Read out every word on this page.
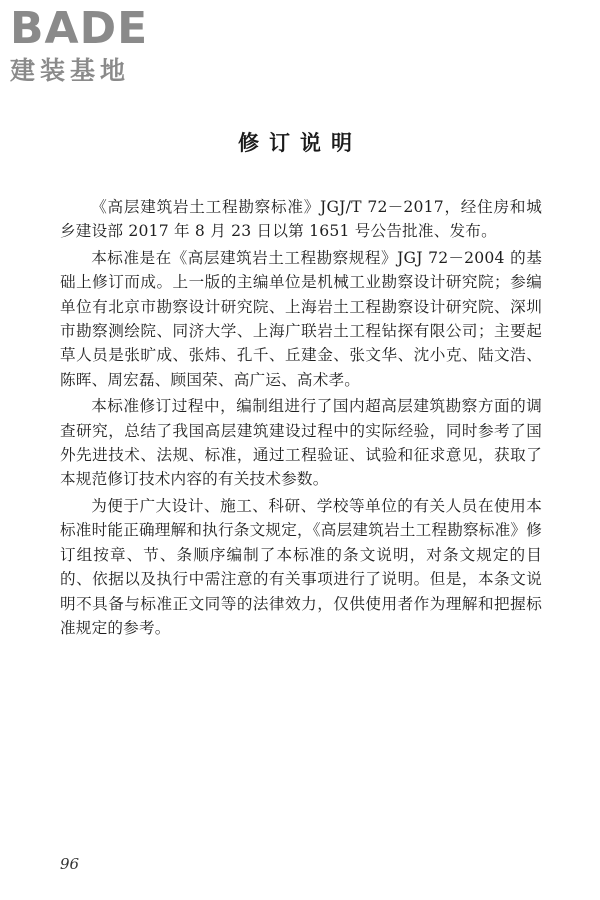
BADE
建装基地
修订说明

《高层建筑岩土工程勘察标准》JGJ/T 72－2017，经住房和城乡建设部 2017 年 8 月 23 日以第 1651 号公告批准、发布。

本标准是在《高层建筑岩土工程勘察规程》JGJ 72－2004 的基础上修订而成。上一版的主编单位是机械工业勘察设计研究院；参编单位有北京市勘察设计研究院、上海岩土工程勘察设计研究院、深圳市勘察测绘院、同济大学、上海广联岩土工程钻探有限公司；主要起草人员是张旷成、张炜、孔千、丘建金、张文华、沈小克、陆文浩、陈晖、周宏磊、顾国荣、高广运、高术孝。

本标准修订过程中，编制组进行了国内超高层建筑勘察方面的调查研究，总结了我国高层建筑建设过程中的实际经验，同时参考了国外先进技术、法规、标准，通过工程验证、试验和征求意见，获取了本规范修订技术内容的有关技术参数。

为便于广大设计、施工、科研、学校等单位的有关人员在使用本标准时能正确理解和执行条文规定，《高层建筑岩土工程勘察标准》修订组按章、节、条顺序编制了本标准的条文说明，对条文规定的目的、依据以及执行中需注意的有关事项进行了说明。但是，本条文说明不具备与标准正文同等的法律效力，仅供使用者作为理解和把握标准规定的参考。

96
